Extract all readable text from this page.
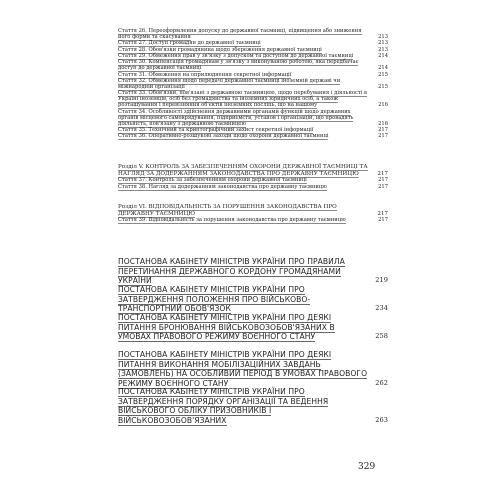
Стаття 26. Переоформлення допуску до державної таємниці, підвищення або зниження його форми та скасування	213
Стаття 27. Доступ громадян до державної таємниці	213
Стаття 28. Обов'язки громадянина щодо збереження державної таємниці	213
Стаття 29. Обмеження прав у зв'язку з допуском та доступом до державної таємниці	214
Стаття 30. Компенсація громадянам у зв'язку з виконуваною роботою, яка передбачає доступ до державної таємниці	214
Стаття 31. Обмеження на оприлюднення секретної інформації	215
Стаття 32. Обмеження щодо передачі державної таємниці іноземній державі чи міжнародній організації	215
Стаття 33. Обов'язки, пов'язані з державною таємницею, щодо перебування і діяльності в Україні іноземців, осіб без громадянства та іноземних юридичних осіб, а також розташування і перевізняння об'єктів іноземних посліпь, що на нашому	216
Стаття 34. Особливості здійснення державними органами функцій щодо державних органів місцевого самоврядування, підприємств, установ і організацій, що провадять діяльність, пов'язану з державною таємницею	216
Стаття 35. Технічний та криптографічний захист секретної інформації	217
Стаття 36. Оперативно-розшукові заходи щодо охорони державної таємниці	217
Розділ V. КОНТРОЛЬ ЗА ЗАБЕЗПЕЧЕННЯМ ОХОРОНИ ДЕРЖАВНОЇ ТАЄМНИЦІ ТА НАГЛЯД ЗА ДОДЕРЖАННЯМ ЗАКОНОДАВСТВА ПРО ДЕРЖАВНУ ТАЄМНИЦЮ	217
Стаття 37. Контроль за забезпеченням охорони державної таємниці	217
Стаття 38. Нагляд за додержанням законодавства про державну таємницю	217
Розділ VI. ВІДПОВІДАЛЬНІСТЬ ЗА ПОРУШЕННЯ ЗАКОНОДАВСТВА ПРО ДЕРЖАВНУ ТАЄМНИЦЮ	217
Стаття 39. Відповідальність за порушення законодавства про державну таємницю	217
ПОСТАНОВА КАБІНЕТУ МІНІСТРІВ УКРАЇНИ ПРО ПРАВИЛА ПЕРЕТИНАННЯ ДЕРЖАВНОГО КОРДОНУ ГРОМАДЯНАМИ УКРАЇНИ	219
ПОСТАНОВА КАБІНЕТУ МІНІСТРІВ УКРАЇНИ ПРО ЗАТВЕРДЖЕННЯ ПОЛОЖЕННЯ ПРО ВІЙСЬКОВО-ТРАНСПОРТНИЙ ОБОВ'ЯЗОК	234
ПОСТАНОВА КАБІНЕТУ МІНІСТРІВ УКРАЇНИ ПРО ДЕЯКІ ПИТАННЯ БРОНЮВАННЯ ВІЙСЬКОВОЗОБОВ'ЯЗАНИХ В УМОВАХ ПРАВОВОГО РЕЖИМУ ВОЄННОГО СТАНУ	258
ПОСТАНОВА КАБІНЕТУ МІНІСТРІВ УКРАЇНИ ПРО ДЕЯКІ ПИТАННЯ ВИКОНАННЯ МОБІЛІЗАЦІЙНИХ ЗАВДАНЬ (ЗАМОВЛЕНЬ) НА ОСОБЛИВИЙ ПЕРІОД В УМОВАХ ПРАВОВОГО РЕЖИМУ ВОЄННОГО СТАНУ	262
ПОСТАНОВА КАБІНЕТУ МІНІСТРІВ УКРАЇНИ ПРО ЗАТВЕРДЖЕННЯ ПОРЯДКУ ОРГАНІЗАЦІЇ ТА ВЕДЕННЯ ВІЙСЬКОВОГО ОБЛІКУ ПРИЗОВНИКІВ І ВІЙСЬКОВОЗОБОВ'ЯЗАНИХ	263
329
